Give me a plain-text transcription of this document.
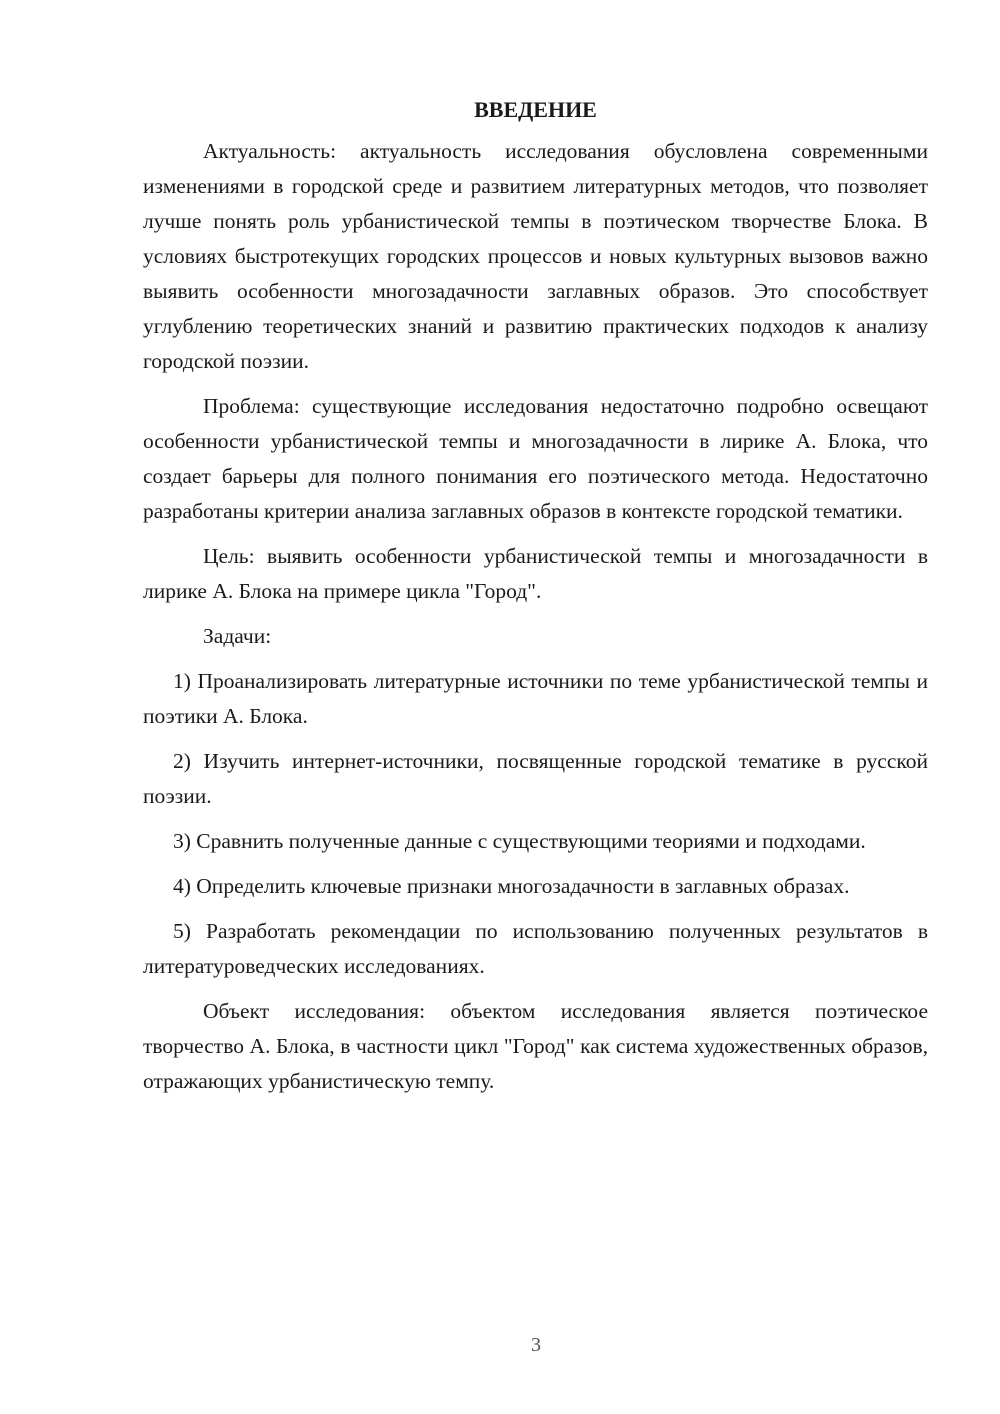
ВВЕДЕНИЕ

Актуальность: актуальность исследования обусловлена современными изменениями в городской среде и развитием литературных методов, что позволяет лучше понять роль урбанистической темпы в поэтическом творчестве Блока. В условиях быстротекущих городских процессов и новых культурных вызовов важно выявить особенности многозадачности заглавных образов. Это способствует углублению теоретических знаний и развитию практических подходов к анализу городской поэзии.

Проблема: существующие исследования недостаточно подробно освещают особенности урбанистической темпы и многозадачности в лирике А. Блока, что создает барьеры для полного понимания его поэтического метода. Недостаточно разработаны критерии анализа заглавных образов в контексте городской тематики.

Цель: выявить особенности урбанистической темпы и многозадачности в лирике А. Блока на примере цикла "Город".

Задачи:

1) Проанализировать литературные источники по теме урбанистической темпы и поэтики А. Блока.

2) Изучить интернет-источники, посвященные городской тематике в русской поэзии.

3) Сравнить полученные данные с существующими теориями и подходами.

4) Определить ключевые признаки многозадачности в заглавных образах.

5) Разработать рекомендации по использованию полученных результатов в литературоведческих исследованиях.

Объект исследования: объектом исследования является поэтическое творчество А. Блока, в частности цикл "Город" как система художественных образов, отражающих урбанистическую темпу.

3
